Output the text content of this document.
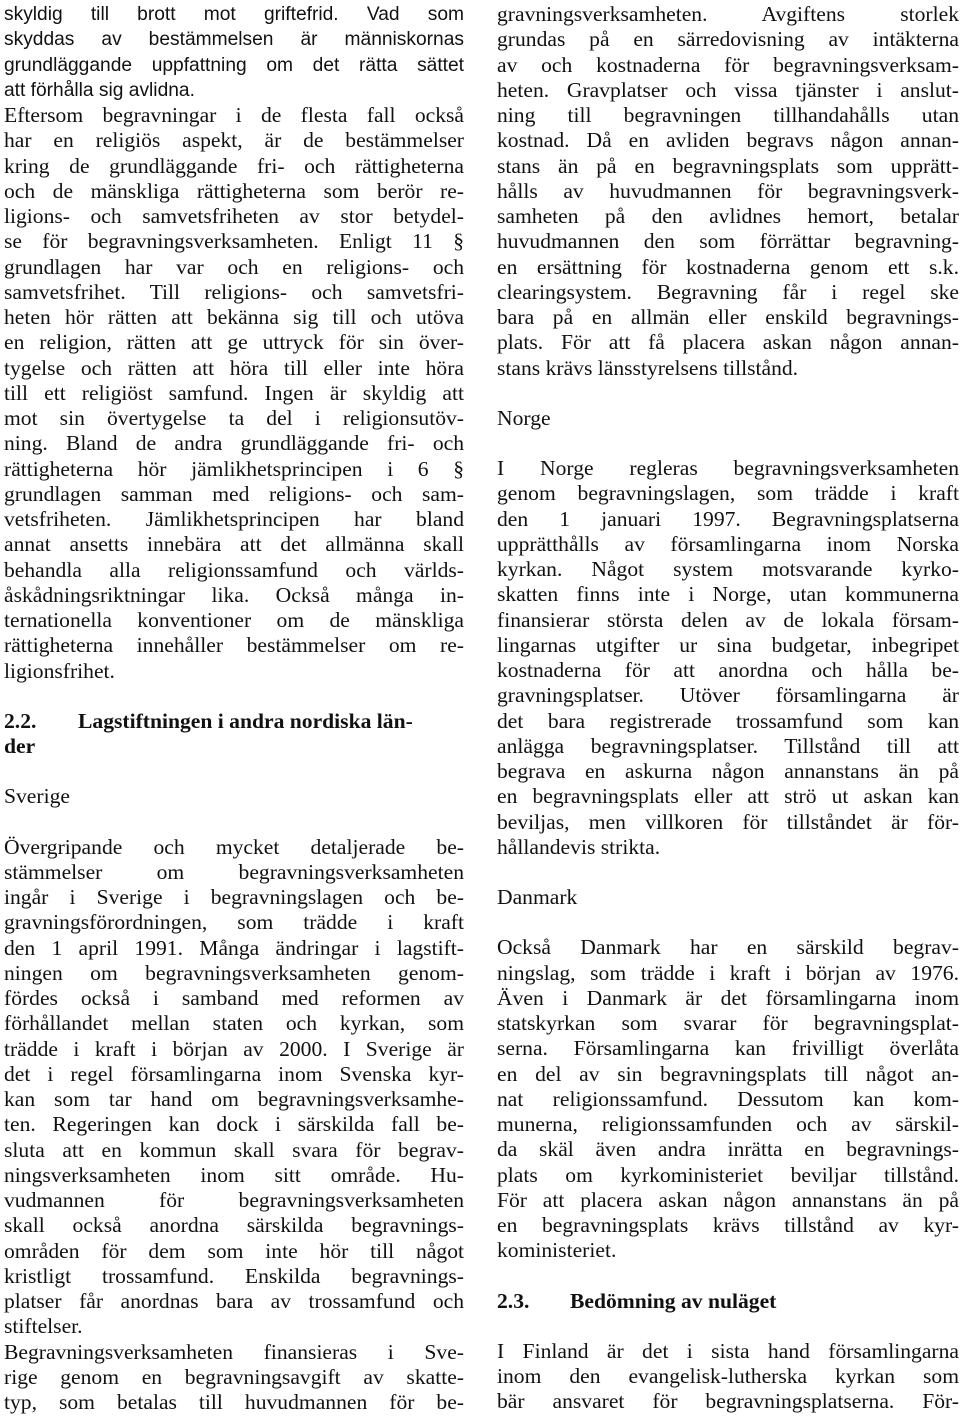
skyldig till brott mot griftefrid. Vad som
skyddas av bestämmelsen är människornas
grundläggande uppfattning om det rätta sättet
att förhålla sig avlidna.

Eftersom begravningar i de flesta fall också
har en religiös aspekt, är de bestämmelser
kring de grundläggande fri- och rättigheterna
och de mänskliga rättigheterna som berör re-
ligions- och samvetsfriheten av stor betydel-
se för begravningsverksamheten. Enligt 11 §
grundlagen har var och en religions- och
samvetsfrihet. Till religions- och samvetsfri-
heten hör rätten att bekänna sig till och utöva
en religion, rätten att ge uttryck för sin över-
tygelse och rätten att höra till eller inte höra
till ett religiöst samfund. Ingen är skyldig att
mot sin övertygelse ta del i religionsutöv-
ning. Bland de andra grundläggande fri- och
rättigheterna hör jämlikhetsprincipen i 6 §
grundlagen samman med religions- och sam-
vetsfriheten. Jämlikhetsprincipen har bland
annat ansetts innebära att det allmänna skall
behandla alla religionssamfund och världs-
åskådningsriktningar lika. Också många in-
ternationella konventioner om de mänskliga
rättigheterna innehåller bestämmelser om re-
ligionsfrihet.

2.2. Lagstiftningen i andra nordiska län-
der
Sverige

Övergripande och mycket detaljerade be-
stämmelser om begravningsverksamheten
ingår i Sverige i begravningslagen och be-
gravningsförordningen, som trädde i kraft
den 1 april 1991. Många ändringar i lagstift-
ningen om begravningsverksamheten genom-
fördes också i samband med reformen av
förhållandet mellan staten och kyrkan, som
trädde i kraft i början av 2000. I Sverige är
det i regel församlingarna inom Svenska kyr-
kan som tar hand om begravningsverksamhe-
ten. Regeringen kan dock i särskilda fall be-
sluta att en kommun skall svara för begrav-
ningsverksamheten inom sitt område. Hu-
vudmannen för begravningsverksamheten
skall också anordna särskilda begravnings-
områden för dem som inte hör till något
kristligt trossamfund. Enskilda begravnings-
platser får anordnas bara av trossamfund och
stiftelser.

Begravningsverksamheten finansieras i Sve-
rige genom en begravningsavgift av skatte-
typ, som betalas till huvudmannen för be-

gravningsverksamheten. Avgiftens storlek
grundas på en särredovisning av intäkterna
av och kostnaderna för begravningsverksam-
heten. Gravplatser och vissa tjänster i anslut-
ning till begravningen tillhandahålls utan
kostnad. Då en avliden begravs någon annan-
stans än på en begravningsplats som upprätt-
hålls av huvudmannen för begravningsverk-
samheten på den avlidnes hemort, betalar
huvudmannen den som förrättar begravning-
en ersättning för kostnaderna genom ett s.k.
clearingsystem. Begravning får i regel ske
bara på en allmän eller enskild begravnings-
plats. För att få placera askan någon annan-
stans krävs länsstyrelsens tillstånd.

Norge

I Norge regleras begravningsverksamheten
genom begravningslagen, som trädde i kraft
den 1 januari 1997. Begravningsplatserna
upprätthålls av församlingarna inom Norska
kyrkan. Något system motsvarande kyrko-
skatten finns inte i Norge, utan kommunerna
finansierar största delen av de lokala försam-
lingarnas utgifter ur sina budgetar, inbegripet
kostnaderna för att anordna och hålla be-
gravningsplatser. Utöver församlingarna är
det bara registrerade trossamfund som kan
anlägga begravningsplatser. Tillstånd till att
begrava en askurna någon annanstans än på
en begravningsplats eller att strö ut askan kan
beviljas, men villkoren för tillståndet är för-
hållandevis strikta.

Danmark

Också Danmark har en särskild begrav-
ningslag, som trädde i kraft i början av 1976.
Även i Danmark är det församlingarna inom
statskyrkan som svarar för begravningsplat-
serna. Församlingarna kan frivilligt överlåta
en del av sin begravningsplats till något an-
nat religionssamfund. Dessutom kan kom-
munerna, religionssamfunden och av särskil-
da skäl även andra inrätta en begravnings-
plats om kyrkoministeriet beviljar tillstånd.
För att placera askan någon annanstans än på
en begravningsplats krävs tillstånd av kyr-
koministeriet.

2.3. Bedömning av nuläget

I Finland är det i sista hand församlingarna
inom den evangelisk-lutherska kyrkan som
bär ansvaret för begravningsplatserna. För-
